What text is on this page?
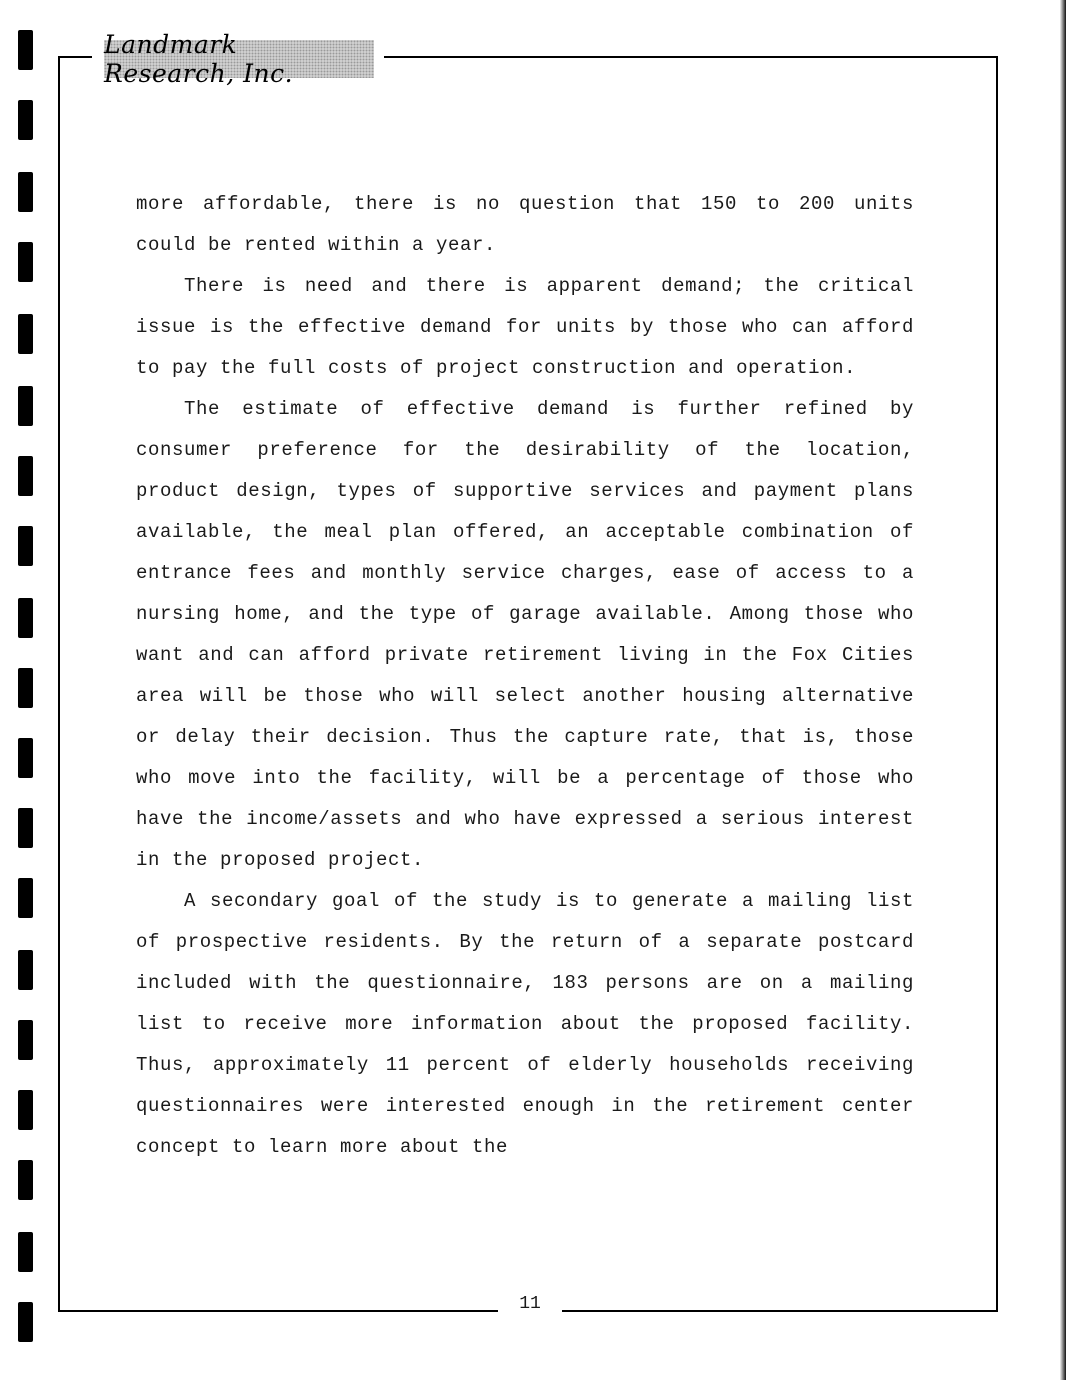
Landmark Research, Inc.

more affordable, there is no question that 150 to 200 units could be rented within a year.

There is need and there is apparent demand; the critical issue is the effective demand for units by those who can afford to pay the full costs of project construction and operation.

The estimate of effective demand is further refined by consumer preference for the desirability of the location, product design, types of supportive services and payment plans available, the meal plan offered, an acceptable combination of entrance fees and monthly service charges, ease of access to a nursing home, and the type of garage available. Among those who want and can afford private retirement living in the Fox Cities area will be those who will select another housing alternative or delay their decision. Thus the capture rate, that is, those who move into the facility, will be a percentage of those who have the income/assets and who have expressed a serious interest in the proposed project.

A secondary goal of the study is to generate a mailing list of prospective residents. By the return of a separate postcard included with the questionnaire, 183 persons are on a mailing list to receive more information about the proposed facility. Thus, approximately 11 percent of elderly households receiving questionnaires were interested enough in the retirement center concept to learn more about the

11
